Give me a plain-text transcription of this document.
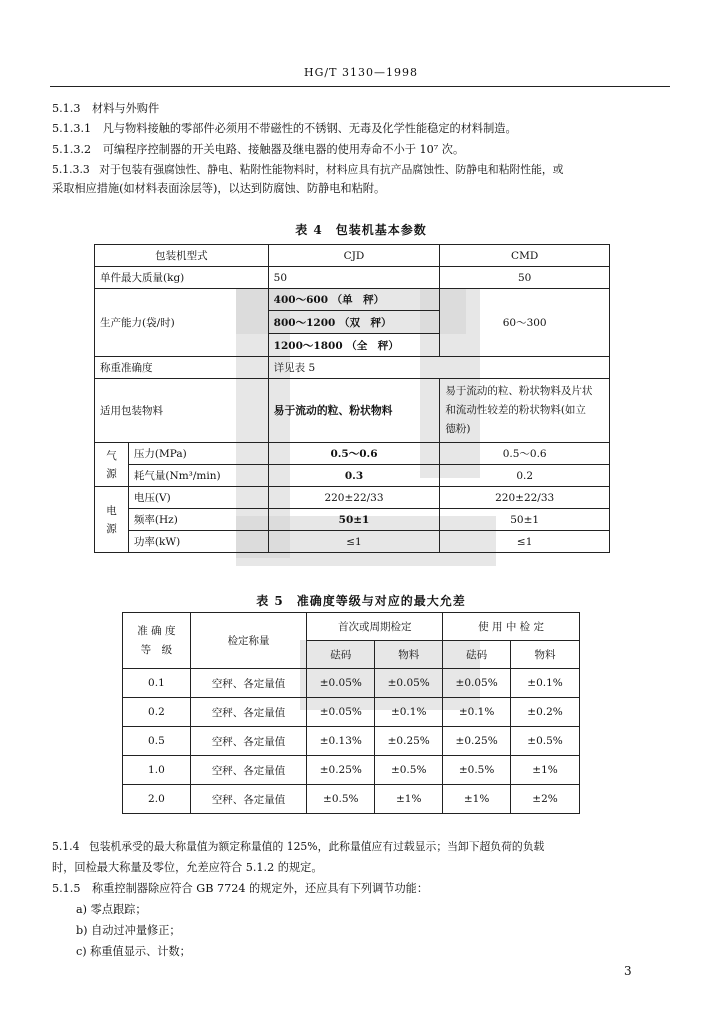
HG/T 3130—1998
5.1.3 材料与外购件
5.1.3.1 凡与物料接触的零部件必须用不带磁性的不锈钢、无毒及化学性能稳定的材料制造。
5.1.3.2 可编程序控制器的开关电路、接触器及继电器的使用寿命不小于 10⁷ 次。
5.1.3.3 对于包装有强腐蚀性、静电、粘附性能物料时，材料应具有抗产品腐蚀性、防静电和粘附性能，或
采取相应措施(如材料表面涂层等)，以达到防腐蚀、防静电和粘附。
表 4　包装机基本参数
包装机型式		CJD	CMD
单件最大质量(kg)		50	50
生产能力(袋/时)		400～600 （单　秤）	60～300
		800～1200 （双　秤）	
		1200～1800 （全　秤）	
称重准确度		详见表 5	
适用包装物料		易于流动的粒、粉状物料	易于流动的粒、粉状物料及片状
和流动性较差的粉状物料(如立
德粉)

气
源	压力(MPa)	0.5～0.6	0.5～0.6
	耗气量(Nm³/min)	0.3	0.2

电
源	电压(V)	220±22/33	220±22/33
	频率(Hz)	50±1	50±1
	功率(kW)	≤1	≤1
表 5　准确度等级与对应的最大允差
准 确 度
等　级	检定称量	首次或周期检定		使 用 中 检 定	
		砝码	物料	砝码	物料
0.1	空秤、各定量值	±0.05%	±0.05%	±0.05%	±0.1%
0.2	空秤、各定量值	±0.05%	±0.1%	±0.1%	±0.2%
0.5	空秤、各定量值	±0.13%	±0.25%	±0.25%	±0.5%
1.0	空秤、各定量值	±0.25%	±0.5%	±0.5%	±1%
2.0	空秤、各定量值	±0.5%	±1%	±1%	±2%
5.1.4 包装机承受的最大称量值为额定称量值的 125%，此称量值应有过载显示；当卸下超负荷的负载
时，回检最大称量及零位，允差应符合 5.1.2 的规定。
5.1.5 称重控制器除应符合 GB 7724 的规定外，还应具有下列调节功能：
a) 零点跟踪；
b) 自动过冲量修正；
c) 称重值显示、计数；
3
